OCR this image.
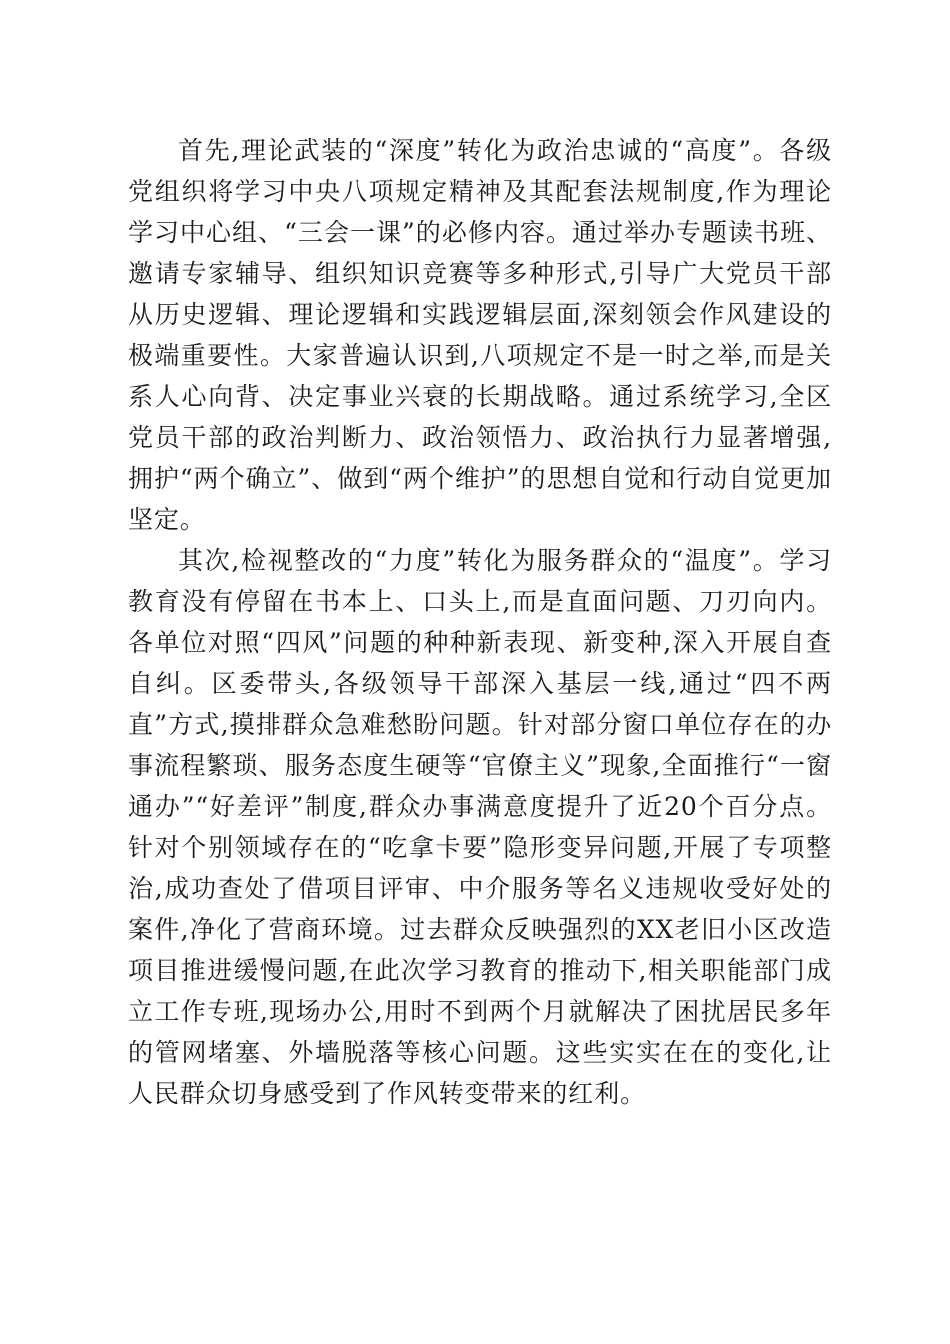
首先,理论武装的“深度”转化为政治忠诚的“高度”。各级党组织将学习中央八项规定精神及其配套法规制度,作为理论学习中心组、“三会一课”的必修内容。通过举办专题读书班、邀请专家辅导、组织知识竞赛等多种形式,引导广大党员干部从历史逻辑、理论逻辑和实践逻辑层面,深刻领会作风建设的极端重要性。大家普遍认识到,八项规定不是一时之举,而是关系人心向背、决定事业兴衰的长期战略。通过系统学习,全区党员干部的政治判断力、政治领悟力、政治执行力显著增强,拥护“两个确立”、做到“两个维护”的思想自觉和行动自觉更加坚定。

其次,检视整改的“力度”转化为服务群众的“温度”。学习教育没有停留在书本上、口头上,而是直面问题、刀刃向内。各单位对照“四风”问题的种种新表现、新变种,深入开展自查自纠。区委带头,各级领导干部深入基层一线,通过“四不两直”方式,摸排群众急难愁盼问题。针对部分窗口单位存在的办事流程繁琐、服务态度生硬等“官僚主义”现象,全面推行“一窗通办”“好差评”制度,群众办事满意度提升了近20个百分点。针对个别领域存在的“吃拿卡要”隐形变异问题,开展了专项整治,成功查处了借项目评审、中介服务等名义违规收受好处的案件,净化了营商环境。过去群众反映强烈的XX老旧小区改造项目推进缓慢问题,在此次学习教育的推动下,相关职能部门成立工作专班,现场办公,用时不到两个月就解决了困扰居民多年的管网堵塞、外墙脱落等核心问题。这些实实在在的变化,让人民群众切身感受到了作风转变带来的红利。
